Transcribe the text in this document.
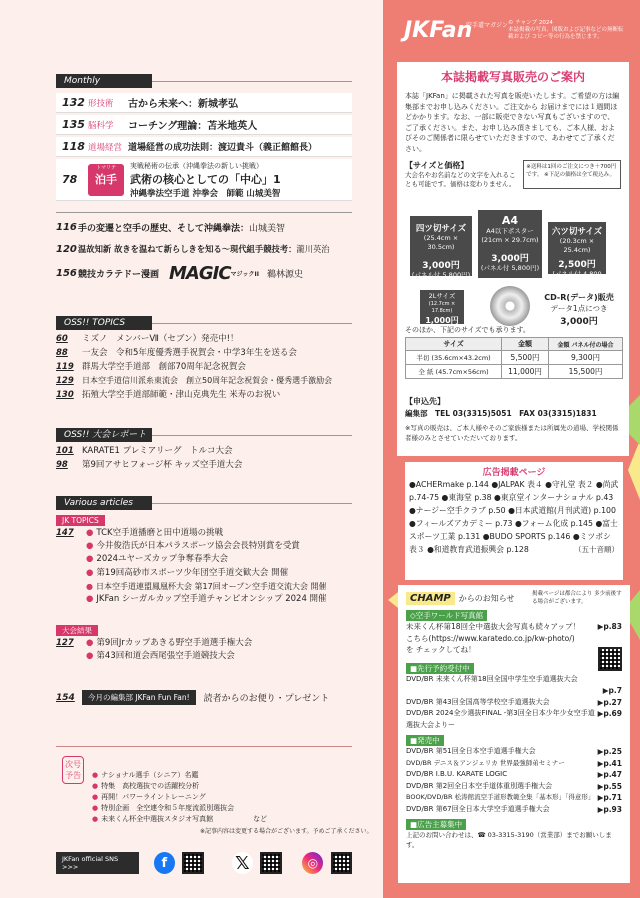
Monthly
132 形技術	古から未来へ：新城孝弘
135 脳科学	コーチング理論：苫米地英人
118 道場経営 道場経営の成功法則：渡辺貴斗（義正館館長）
78
トマリテ
泊手
実戦秘術の伝承（沖縄拳法の新しい挑戦）
武術の核心としての「中心」1
沖縄拳法空手道 沖拳会　師範 山城美智
116 手の変遷と空手の歴史、そして沖縄拳法： 山城美智
120 温故知新 故きを温ねて新らしきを知る〜現代組手競技考： 瀧川英治
156 競技カラテドー漫画 MAGIC マジックII 鵜林源史
OSS!! TOPICS
60	ミズノ　メンバーⅦ（セブン）発売中!！
88	一友会　令和5年度優秀選手祝賀会・中学3年生を送る会
119 群馬大学空手道部　創部70周年記念祝賀会
129	日本空手道信川派糸東流会　創立50周年記念祝賀会・優秀選手激励会
130 拓殖大学空手道部師範・津山克典先生 米寿のお祝い
OSS!! 大会レポート
101 KARATE1 プレミアリーグ　トルコ大会
98	第9回アサヒフォージ杯 キッズ空手道大会
Various articles
JK TOPICS
147	● TCK空手道播磨と田中道場の挑戦
● 今井俊浩氏が日本パラスポーツ協会会長特別賞を受賞
● 2024ユヤーズカップ争奪春季大会
● 第19回高砂市スポーツ少年団空手道交歓大会 開催
● 日本空手道連盟鳳凰杯大会 第17回オープン空手道交流大会 開催
● JKFan シーガルカップ空手道チャンピオンシップ 2024 開催
大会結果
127	● 第9回Jrカップあきる野空手道選手権大会
● 第43回和道会西尾張空手道競技大会
154	今月の編集部 JKFan Fun Fan!	読者からのお便り・プレゼント
次号予告	● ナショナル選手（シニア）名鑑
● 特集　高校選抜での活躍校分析
● 再開！パワーライントレーニング
● 特別企画　全空連令和５年度流派別選抜会
● 未来くん杯全中選抜スタジオ写真館	など
※記事内容は変更する場合がございます。予めご了承ください。
JKFan official SNS >>>	f	𝕏	◎
JKFan
空手道マガジン © チャンプ 2024
本誌掲載の写真、図版および記事などの無断転載および コピー等の行為を禁じます。
本誌掲載写真販売のご案内
本誌「JKFan」に掲載された写真を販売いたします。ご希望の方は編集部までお申し込みください。ご注文から お届けまでには１週間ほどかかります。なお、一部に販売できない写真もございますので、ご了承ください。また、お申し込み頂きましても、ご本人様、およびそのご関係者に限らせていただきますので、あわせてご了承ください。
【サイズと価格】
大会名やお名前などの文字を入れることも可能です。価格は変わりません。
※送料は1回のご注文につき＋700円です。 ※下記の価格は全て税込み。
四ツ切サイズ
(25.4cm × 30.5cm)
3,000円
(パネル付 5,800円)
A4
A4以下ポスター
(21cm × 29.7cm)
3,000円
(パネル付 5,800円)
六ツ切サイズ
(20.3cm × 25.4cm)
2,500円
(パネル付 4,800円)
2Lサイズ
(12.7cm × 17.8cm)
1,000円
CD-R(データ)販売
データ1点につき
3,000円
そのほか、下記のサイズでも承ります。
サイズ	金額	金額 パネル付の場合
半切 (35.6cm×43.2cm)	5,500円	9,300円
全 紙 (45.7cm×56cm)	11,000円	15,500円
【申込先】
編集部　TEL 03(3315)5051　FAX 03(3315)1831
※写真の販売は、ご本人様やそのご家族様または所属先の道場、学校関係者様のみとさせていただいております。
広告掲載ページ
●ACHERmake p.144 ●JALPAK 表４ ●守礼堂 表２ ●尚武 p.74-75 ●東海堂 p.38 ●東京堂インターナショナル p.43 ●ナージー空手クラブ p.50 ●日本武道館(月刊武道) p.100 ●フィールズアカデミー p.73 ●フォーム化成 p.145 ●富士スポーツ工業 p.131 ●BUDO SPORTS p.146 ●ミツボシ 表３ ●和道教育武道振興会 p.128	（五十音順）
CHAMP	からのお知らせ	掲載ページは都合により 多少前後する場合がございます。
◇空手ワールド写真館
未来くん杯第18回全中選抜大会写真も続々アップ！ ▶p.83
こちら(https://www.karatedo.co.jp/kw-photo/)を チェックしてね！
■先行予約受付中
DVD/BR 未来くん杯第18回全国中学生空手道選抜大会
▶p.7
DVD/BR 第43回全国高等学校空手道選抜大会	▶p.27
DVD/BR 2024全少選抜FINAL -第3回全日本少年少女空手道選抜大会よりー
▶p.69
■発売中
DVD/BR 第51回全日本空手道選手権大会	▶p.25
DVD/BR デニス＆アンジェリカ 世界最強師弟セミナー	▶p.41
DVD/BR I.B.U. KARATE LOGIC	▶p.47
DVD/BR 第2回全日本空手道体重別選手権大会	▶p.55
BOOK/DVD/BR 松涛館流空手道形教範全集「基本形」「得意形」 ▶p.71
DVD/BR 第67回全日本大学空手道選手権大会	▶p.93
■広告主募集中
上記のお問い合わせは、☎ 03-3315-3190（営業部）までお願いします。
